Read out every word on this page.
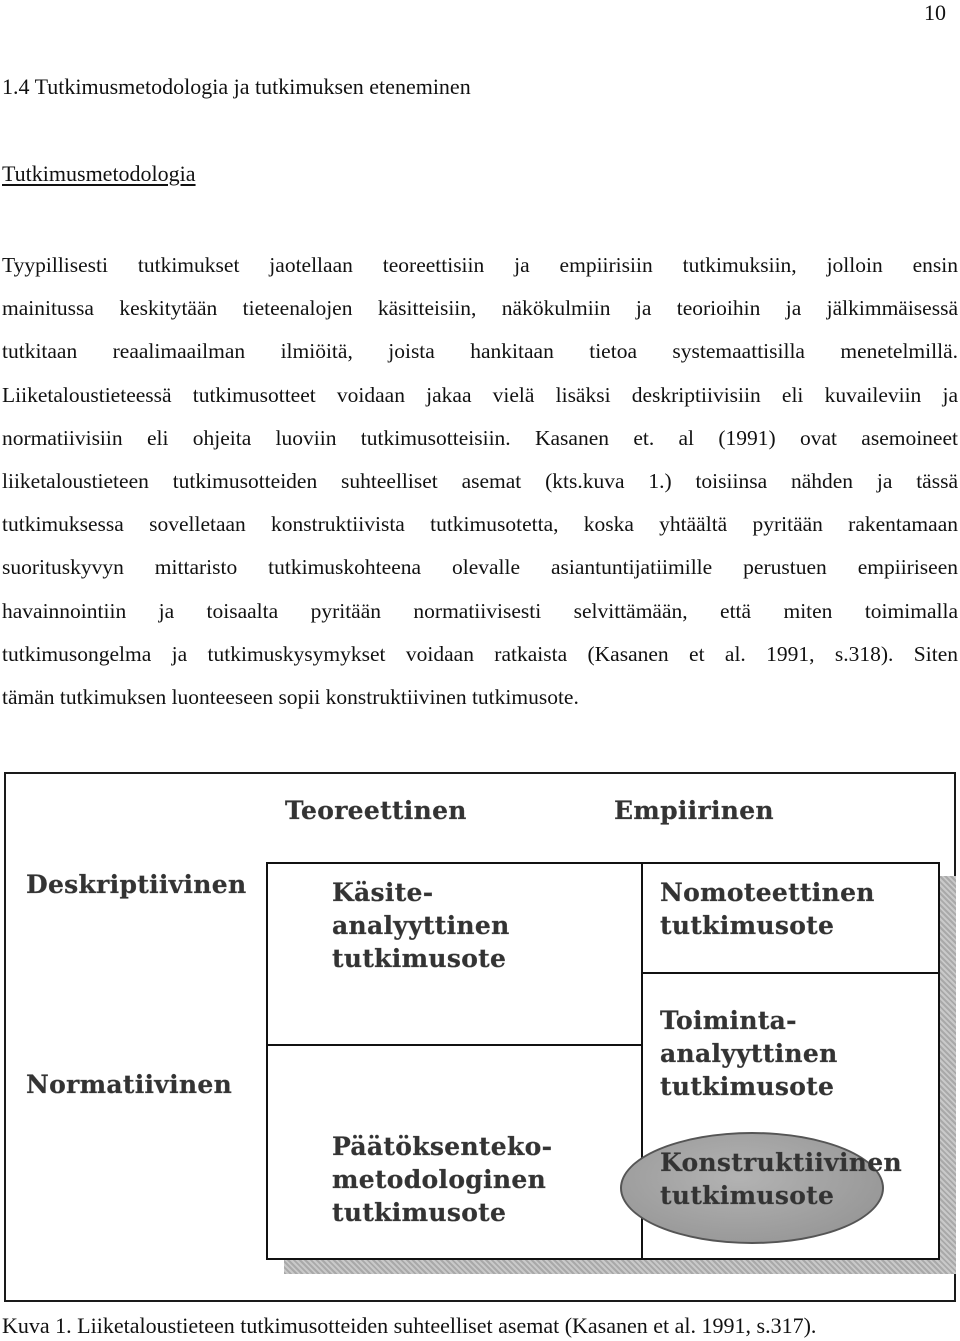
10
1.4 Tutkimusmetodologia ja tutkimuksen eteneminen
Tutkimusmetodologia

Tyypillisesti tutkimukset jaotellaan teoreettisiin ja empiirisiin tutkimuksiin, jolloin ensin
mainitussa keskitytään tieteenalojen käsitteisiin, näkökulmiin ja teorioihin ja jälkimmäisessä
tutkitaan reaalimaailman ilmiöitä, joista hankitaan tietoa systemaattisilla menetelmillä.
Liiketaloustieteessä tutkimusotteet voidaan jakaa vielä lisäksi deskriptiivisiin eli kuvaileviin ja
normatiivisiin eli ohjeita luoviin tutkimusotteisiin. Kasanen et. al (1991) ovat asemoineet
liiketaloustieteen tutkimusotteiden suhteelliset asemat (kts.kuva 1.) toisiinsa nähden ja tässä
tutkimuksessa sovelletaan konstruktiivista tutkimusotetta, koska yhtäältä pyritään rakentamaan
suorituskyvyn mittaristo tutkimuskohteena olevalle asiantuntijatiimille perustuen empiiriseen
havainnointiin ja toisaalta pyritään normatiivisesti selvittämään, että miten toimimalla
tutkimusongelma ja tutkimuskysymykset voidaan ratkaista (Kasanen et al. 1991, s.318). Siten
tämän tutkimuksen luonteeseen sopii konstruktiivinen tutkimusote.

Teoreettinen	Empiirinen
Deskriptiivinen
Normatiivinen
Käsite-
analyyttinen
tutkimusote
Nomoteettinen
tutkimusote
Toiminta-
analyyttinen
tutkimusote
Päätöksenteko-
metodologinen
tutkimusote
Konstruktiivinen
tutkimusote
Kuva 1. Liiketaloustieteen tutkimusotteiden suhteelliset asemat (Kasanen et al. 1991, s.317).
